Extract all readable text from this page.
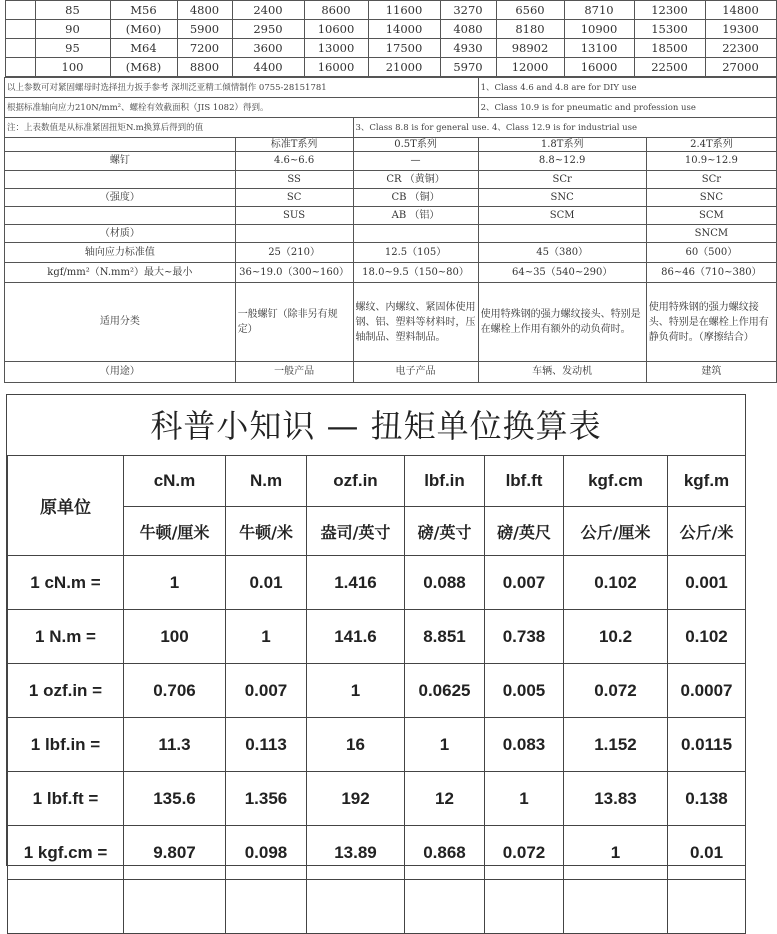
	85	M56	4800	2400	8600	11600	3270	6560	8710	12300	14800
	90	(M60)	5900	2950	10600	14000	4080	8180	10900	15300	19300
	95	M64	7200	3600	13000	17500	4930	98902	13100	18500	22300
	100	(M68)	8800	4400	16000	21000	5970	12000	16000	22500	27000

以上参数可对紧固螺母时选择扭力扳手参考 深圳泛亚精工倾情制作 0755-28151781	1、Class 4.6 and 4.8 are for DIY use
根据标准轴向应力210N/mm²、螺栓有效截面积（JIS 1082）得到。	2、Class 10.9 is for pneumatic and profession use
注：上表数值是从标准紧固扭矩N.m换算后得到的值	3、Class 8.8 is for general use. 4、Class 12.9 is for industrial use
	标准T系列	0.5T系列	1.8T系列	2.4T系列
螺钉	4.6~6.6	—	8.8~12.9	10.9~12.9
	SS	CR （黄铜）	SCr	SCr
（强度）	SC	CB （铜）	SNC	SNC
	SUS	AB （铝）	SCM	SCM
（材质）				SNCM
轴向应力标准值	25（210）	12.5（105）	45（380）	60（500）
kgf/mm²（N.mm²）最大~最小	36~19.0（300~160）	18.0~9.5（150~80）	64~35（540~290）	86~46（710~380）
适用分类	一般螺钉（除非另有规定）	螺纹、内螺纹、紧固体使用钢、铝、塑料等材料时，压轴制品、塑料制品。	使用特殊钢的强力螺纹接头、特别是在螺栓上作用有额外的动负荷时。	使用特殊钢的强力螺纹接头、特别是在螺栓上作用有静负荷时。（摩擦结合）
（用途）	一般产品	电子产品	车辆、发动机	建筑
科普小知识 — 扭矩单位换算表
原单位	cN.m	N.m	ozf.in	lbf.in	lbf.ft	kgf.cm	kgf.m
	牛顿/厘米	牛顿/米	盎司/英寸	磅/英寸	磅/英尺	公斤/厘米	公斤/米
1 cN.m =	1	0.01	1.416	0.088	0.007	0.102	0.001
1 N.m =	100	1	141.6	8.851	0.738	10.2	0.102
1 ozf.in =	0.706	0.007	1	0.0625	0.005	0.072	0.0007
1 lbf.in =	11.3	0.113	16	1	0.083	1.152	0.0115
1 lbf.ft =	135.6	1.356	192	12	1	13.83	0.138
1 kgf.cm =	9.807	0.098	13.89	0.868	0.072	1	0.01
